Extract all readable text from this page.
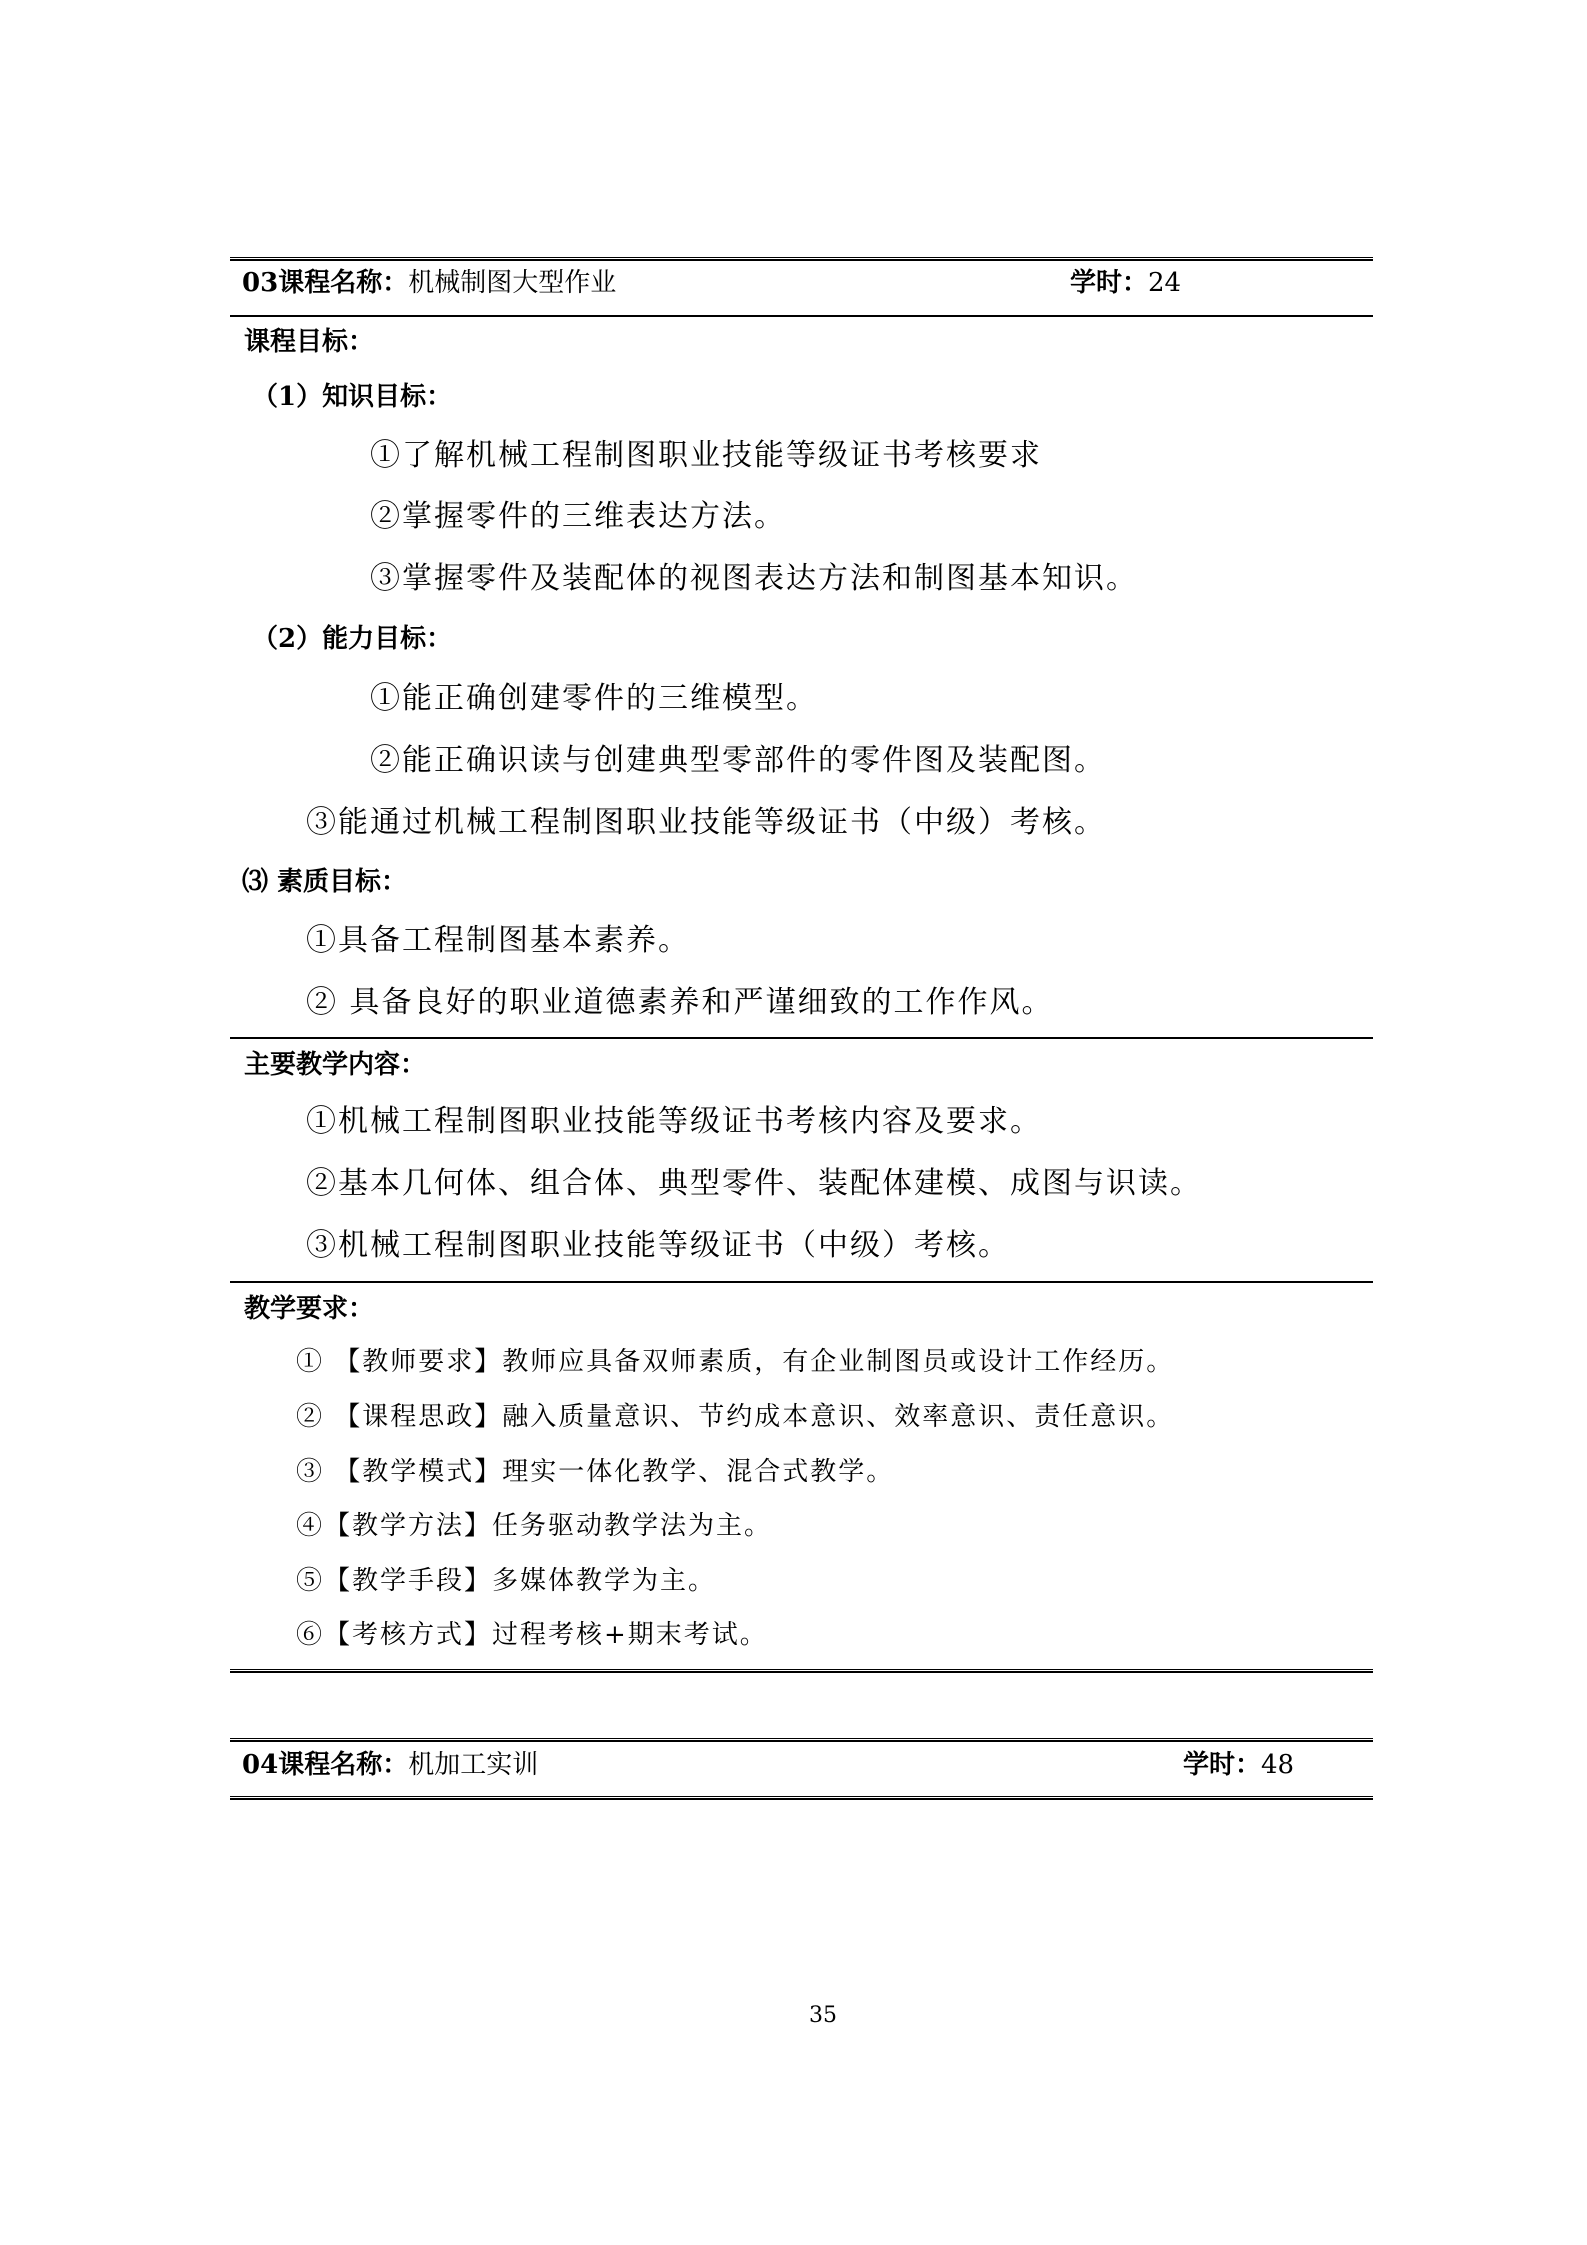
03课程名称：机械制图大型作业	学时：24
课程目标：
（1）知识目标：
①了解机械工程制图职业技能等级证书考核要求
②掌握零件的三维表达方法。
③掌握零件及装配体的视图表达方法和制图基本知识。
（2）能力目标：
①能正确创建零件的三维模型。
②能正确识读与创建典型零部件的零件图及装配图。
③能通过机械工程制图职业技能等级证书（中级）考核。
⑶ 素质目标：
①具备工程制图基本素养。
② 具备良好的职业道德素养和严谨细致的工作作风。
主要教学内容：
①机械工程制图职业技能等级证书考核内容及要求。
②基本几何体、组合体、典型零件、装配体建模、成图与识读。
③机械工程制图职业技能等级证书（中级）考核。
教学要求：
① 【教师要求】教师应具备双师素质，有企业制图员或设计工作经历。
② 【课程思政】融入质量意识、节约成本意识、效率意识、责任意识。
③ 【教学模式】理实一体化教学、混合式教学。
④【教学方法】任务驱动教学法为主。
⑤【教学手段】多媒体教学为主。
⑥【考核方式】过程考核+期末考试。
04课程名称：机加工实训	学时：48
35
